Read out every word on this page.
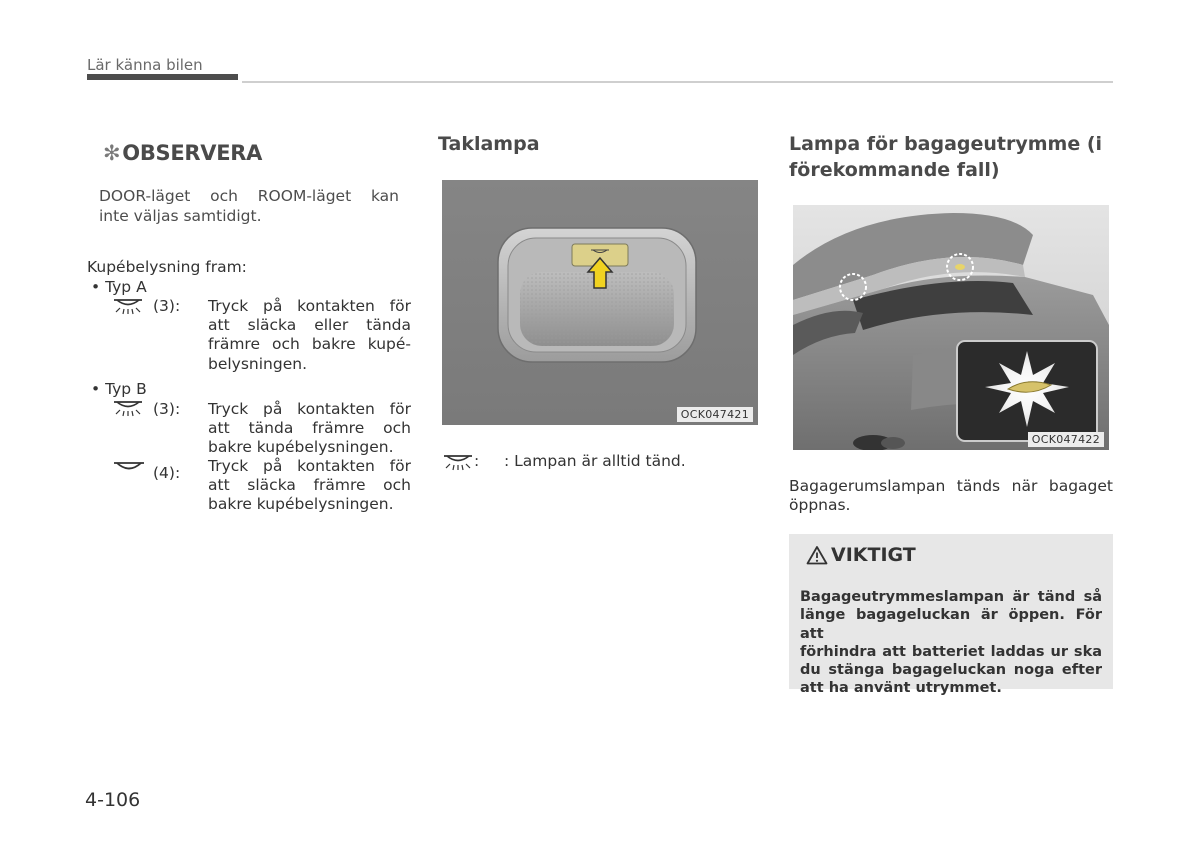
Lär känna bilen
✻OBSERVERA
DOOR-läget och ROOM-läget kan
inte väljas samtidigt.
Kupébelysning fram:
• Typ A
(3): Tryck på kontakten för
att släcka eller tända
främre och bakre kupé-
belysningen.
• Typ B
(3): Tryck på kontakten för
att tända främre och
bakre kupébelysningen.
(4): Tryck på kontakten för
att släcka främre och
bakre kupébelysningen.
Taklampa
OCK047421
: : Lampan är alltid tänd.
Lampa för bagageutrymme (i
förekommande fall)
OCK047422
Bagagerumslampan tänds när bagaget
öppnas.
VIKTIGT
Bagageutrymmeslampan är tänd så
länge bagageluckan är öppen. För att
förhindra att batteriet laddas ur ska
du stänga bagageluckan noga efter
att ha använt utrymmet.
4-106
